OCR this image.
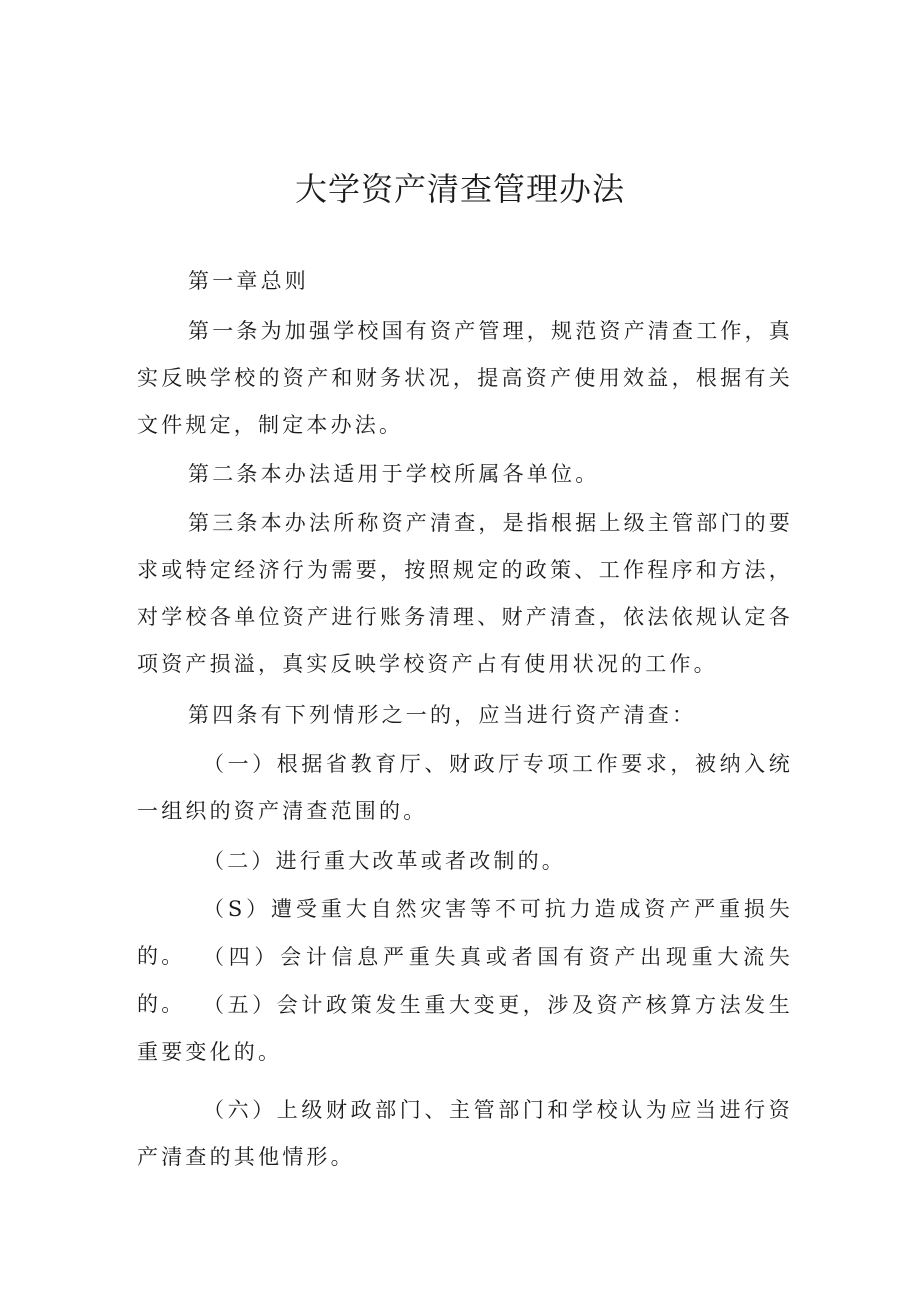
大学资产清查管理办法

第一章总则

第一条为加强学校国有资产管理，规范资产清查工作，真实反映学校的资产和财务状况，提高资产使用效益，根据有关文件规定，制定本办法。

第二条本办法适用于学校所属各单位。

第三条本办法所称资产清查，是指根据上级主管部门的要求或特定经济行为需要，按照规定的政策、工作程序和方法，对学校各单位资产进行账务清理、财产清查，依法依规认定各项资产损溢，真实反映学校资产占有使用状况的工作。

第四条有下列情形之一的，应当进行资产清查：

（一）根据省教育厅、财政厅专项工作要求，被纳入统一组织的资产清查范围的。

（二）进行重大改革或者改制的。

（S）遭受重大自然灾害等不可抗力造成资产严重损失的。 （四）会计信息严重失真或者国有资产出现重大流失的。 （五）会计政策发生重大变更，涉及资产核算方法发生重要变化的。

（六）上级财政部门、主管部门和学校认为应当进行资产清查的其他情形。
